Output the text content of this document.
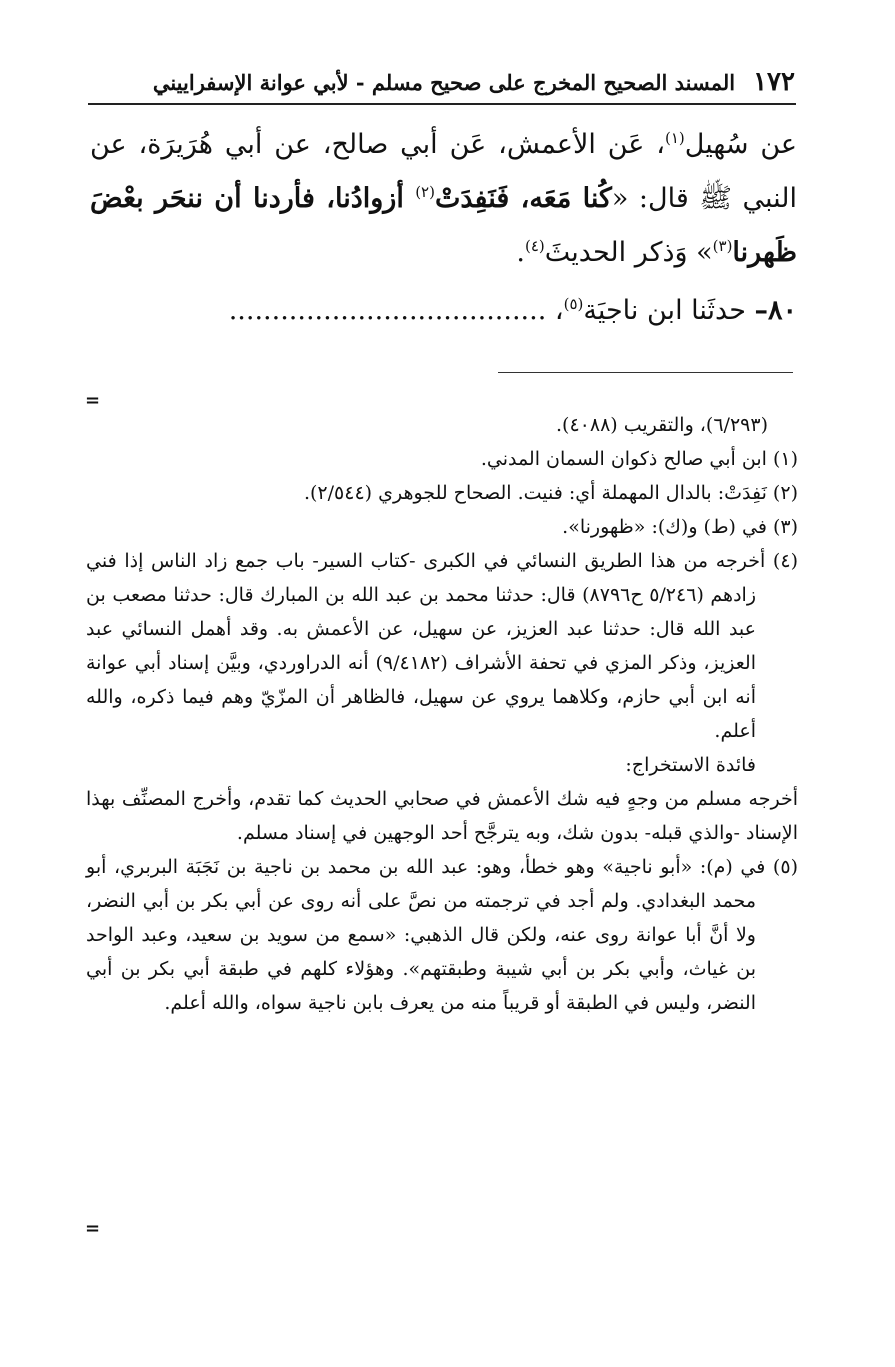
١٧٢
المسند الصحيح المخرج على صحيح مسلم - لأبي عوانة الإسفراييني

عن سُهيل$^{(١)}$، عَن الأعمش، عَن أبي صالح، عن أبي هُرَيرَة، عن النبي ﷺ قال: «كُنا مَعَه، فَنَفِدَتْ$^{(٢)}$ أزوادُنا، فأردنا أن ننحَر بعْضَ ظَهرنا$^{(٣)}$» وَذكر الحديثَ$^{(٤)}$.

٨٠– حدثَنا ابن ناجيَة$^{(٥)}$، .....................................

=

(٦/٢٩٣)، والتقريب (٤٠٨٨).

(١) ابن أبي صالح ذكوان السمان المدني.

(٢) نَفِدَتْ: بالدال المهملة أي: فنيت. الصحاح للجوهري (٢/٥٤٤).

(٣) في (ط) و(ك): «ظهورنا».

(٤) أخرجه من هذا الطريق النسائي في الكبرى -كتاب السير- باب جمع زاد الناس إذا فني زادهم (٥/٢٤٦ ح٨٧٩٦) قال: حدثنا محمد بن عبد الله بن المبارك قال: حدثنا مصعب بن عبد الله قال: حدثنا عبد العزيز، عن سهيل، عن الأعمش به. وقد أهمل النسائي عبد العزيز، وذكر المزي في تحفة الأشراف (٩/٤١٨٢) أنه الدراوردي، وبيَّن إسناد أبي عوانة أنه ابن أبي حازم، وكلاهما يروي عن سهيل، فالظاهر أن المزّيّ وهم فيما ذكره، والله أعلم.

فائدة الاستخراج:

أخرجه مسلم من وجهٍ فيه شك الأعمش في صحابي الحديث كما تقدم، وأخرج المصنِّف بهذا الإسناد -والذي قبله- بدون شك، وبه يترجَّح أحد الوجهين في إسناد مسلم.

(٥) في (م): «أبو ناجية» وهو خطأ، وهو: عبد الله بن محمد بن ناجية بن نَجَبَة البربري، أبو محمد البغدادي. ولم أجد في ترجمته من نصَّ على أنه روى عن أبي بكر بن أبي النضر، ولا أنَّ أبا عوانة روى عنه، ولكن قال الذهبي: «سمع من سويد بن سعيد، وعبد الواحد بن غياث، وأبي بكر بن أبي شيبة وطبقتهم». وهؤلاء كلهم في طبقة أبي بكر بن أبي النضر، وليس في الطبقة أو قريباً منه من يعرف بابن ناجية سواه، والله أعلم.

=
